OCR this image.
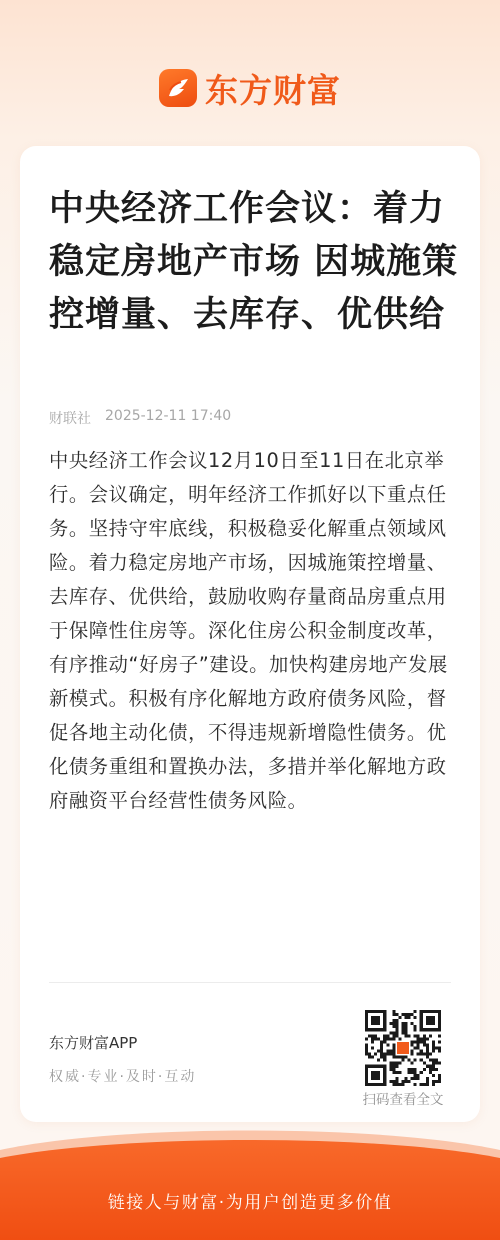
东方财富
中央经济工作会议：着力稳定房地产市场 因城施策控增量、去库存、优供给
财联社 2025-12-11 17:40

中央经济工作会议12月10日至11日在北京举行。会议确定，明年经济工作抓好以下重点任务。坚持守牢底线，积极稳妥化解重点领域风险。着力稳定房地产市场，因城施策控增量、去库存、优供给，鼓励收购存量商品房重点用于保障性住房等。深化住房公积金制度改革，有序推动“好房子”建设。加快构建房地产发展新模式。积极有序化解地方政府债务风险，督促各地主动化债，不得违规新增隐性债务。优化债务重组和置换办法，多措并举化解地方政府融资平台经营性债务风险。

东方财富APP
权威·专业·及时·互动
扫码查看全文
链接人与财富·为用户创造更多价值
